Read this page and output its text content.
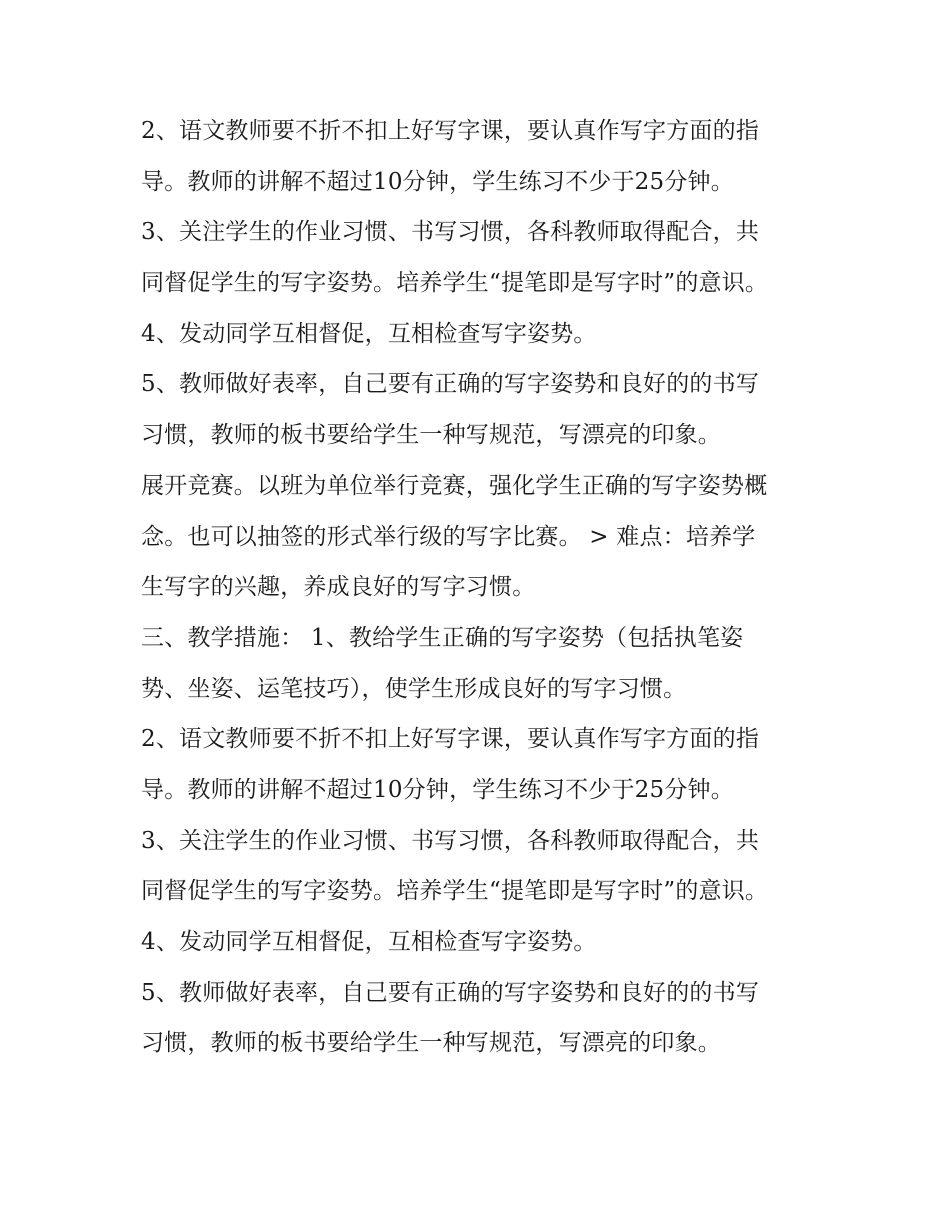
2、语文教师要不折不扣上好写字课，要认真作写字方面的指
导。教师的讲解不超过10分钟，学生练习不少于25分钟。
3、关注学生的作业习惯、书写习惯，各科教师取得配合，共
同督促学生的写字姿势。培养学生“提笔即是写字时”的意识。
4、发动同学互相督促，互相检查写字姿势。
5、教师做好表率，自己要有正确的写字姿势和良好的的书写
习惯，教师的板书要给学生一种写规范，写漂亮的印象。
展开竞赛。以班为单位举行竞赛，强化学生正确的写字姿势概
念。也可以抽签的形式举行级的写字比赛。 > 难点：培养学
生写字的兴趣，养成良好的写字习惯。
三、教学措施： 1、教给学生正确的写字姿势（包括执笔姿
势、坐姿、运笔技巧），使学生形成良好的写字习惯。
2、语文教师要不折不扣上好写字课，要认真作写字方面的指
导。教师的讲解不超过10分钟，学生练习不少于25分钟。
3、关注学生的作业习惯、书写习惯，各科教师取得配合，共
同督促学生的写字姿势。培养学生“提笔即是写字时”的意识。
4、发动同学互相督促，互相检查写字姿势。
5、教师做好表率，自己要有正确的写字姿势和良好的的书写
习惯，教师的板书要给学生一种写规范，写漂亮的印象。
